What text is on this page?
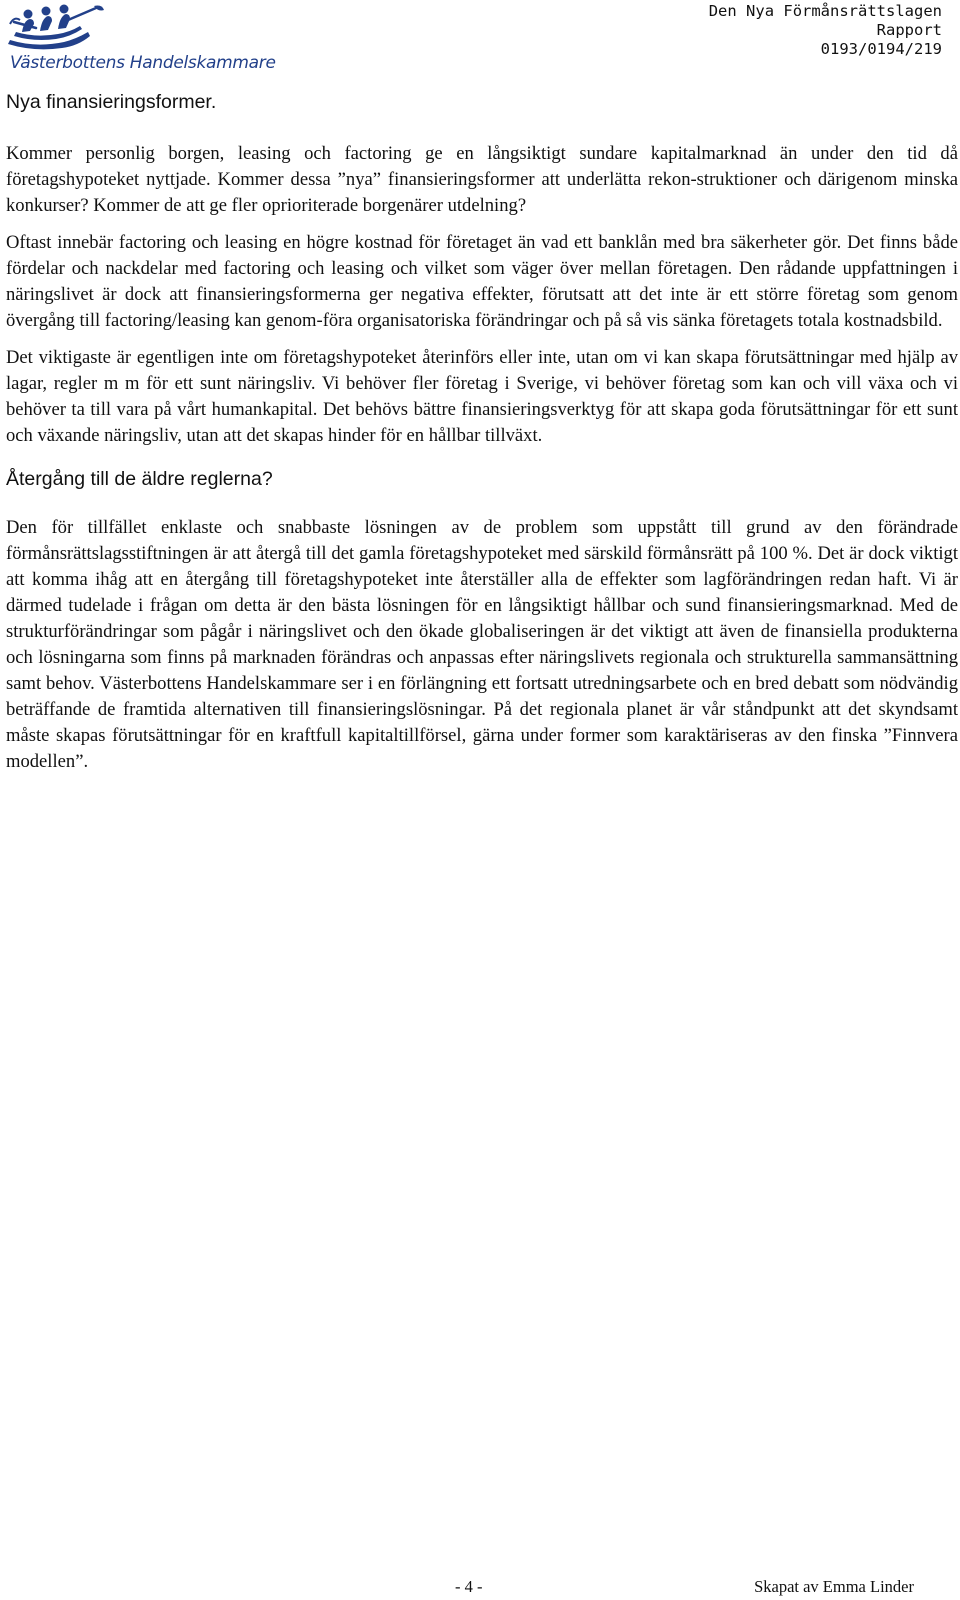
Västerbottens Handelskammare
Den Nya Förmånsrättslagen
Rapport
0193/0194/219
Nya finansieringsformer.

Kommer personlig borgen, leasing och factoring ge en långsiktigt sundare kapitalmarknad än under den tid då företagshypoteket nyttjade. Kommer dessa ”nya” finansieringsformer att underlätta rekon-struktioner och därigenom minska konkurser? Kommer de att ge fler oprioriterade borgenärer utdelning?

Oftast innebär factoring och leasing en högre kostnad för företaget än vad ett banklån med bra säkerheter gör. Det finns både fördelar och nackdelar med factoring och leasing och vilket som väger över mellan företagen. Den rådande uppfattningen i näringslivet är dock att finansieringsformerna ger negativa effekter, förutsatt att det inte är ett större företag som genom övergång till factoring/leasing kan genom-föra organisatoriska förändringar och på så vis sänka företagets totala kostnadsbild.

Det viktigaste är egentligen inte om företagshypoteket återinförs eller inte, utan om vi kan skapa förutsättningar med hjälp av lagar, regler m m för ett sunt näringsliv. Vi behöver fler företag i Sverige, vi behöver företag som kan och vill växa och vi behöver ta till vara på vårt humankapital. Det behövs bättre finansieringsverktyg för att skapa goda förutsättningar för ett sunt och växande näringsliv, utan att det skapas hinder för en hållbar tillväxt.

Återgång till de äldre reglerna?

Den för tillfället enklaste och snabbaste lösningen av de problem som uppstått till grund av den förändrade förmånsrättslagsstiftningen är att återgå till det gamla företagshypoteket med särskild förmånsrätt på 100 %. Det är dock viktigt att komma ihåg att en återgång till företagshypoteket inte återställer alla de effekter som lagförändringen redan haft. Vi är därmed tudelade i frågan om detta är den bästa lösningen för en långsiktigt hållbar och sund finansieringsmarknad. Med de strukturförändringar som pågår i näringslivet och den ökade globaliseringen är det viktigt att även de finansiella produkterna och lösningarna som finns på marknaden förändras och anpassas efter näringslivets regionala och strukturella sammansättning samt behov. Västerbottens Handelskammare ser i en förlängning ett fortsatt utredningsarbete och en bred debatt som nödvändig beträffande de framtida alternativen till finansieringslösningar. På det regionala planet är vår ståndpunkt att det skyndsamt måste skapas förutsättningar för en kraftfull kapitaltillförsel, gärna under former som karaktäriseras av den finska ”Finnvera modellen”.

- 4 -	Skapat av Emma Linder
